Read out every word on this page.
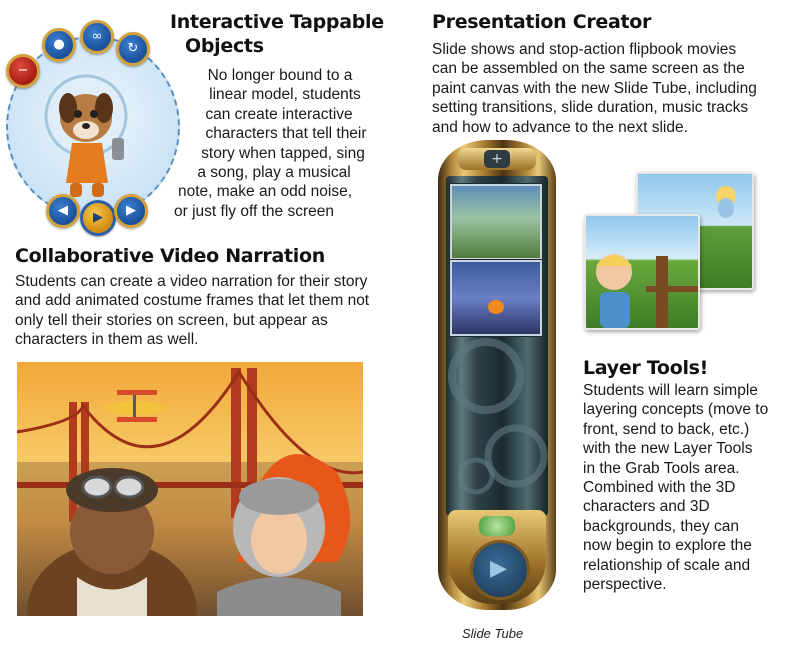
−
●
∞
↻
◀	▶	▶
Interactive Tappable
Objects

No longer bound to a

linear model, students

can create interactive

characters that tell their

story when tapped, sing

a song, play a musical

note, make an odd noise,

or just fly off the screen

Collaborative Video Narration

Students can create a video narration for their story

and add animated costume frames that let them not

only tell their stories on screen, but appear as

characters in them as well.

Presentation Creator

Slide shows and stop-action flipbook movies

can be assembled on the same screen as the

paint canvas with the new Slide Tube, including

setting transitions, slide duration, music tracks

and how to advance to the next slide.

+
▶
Slide Tube
Layer Tools!

Students will learn simple

layering concepts (move to

front, send to back, etc.)

with the new Layer Tools

in the Grab Tools area.

Combined with the 3D

characters and 3D

backgrounds, they can

now begin to explore the

relationship of scale and

perspective.
